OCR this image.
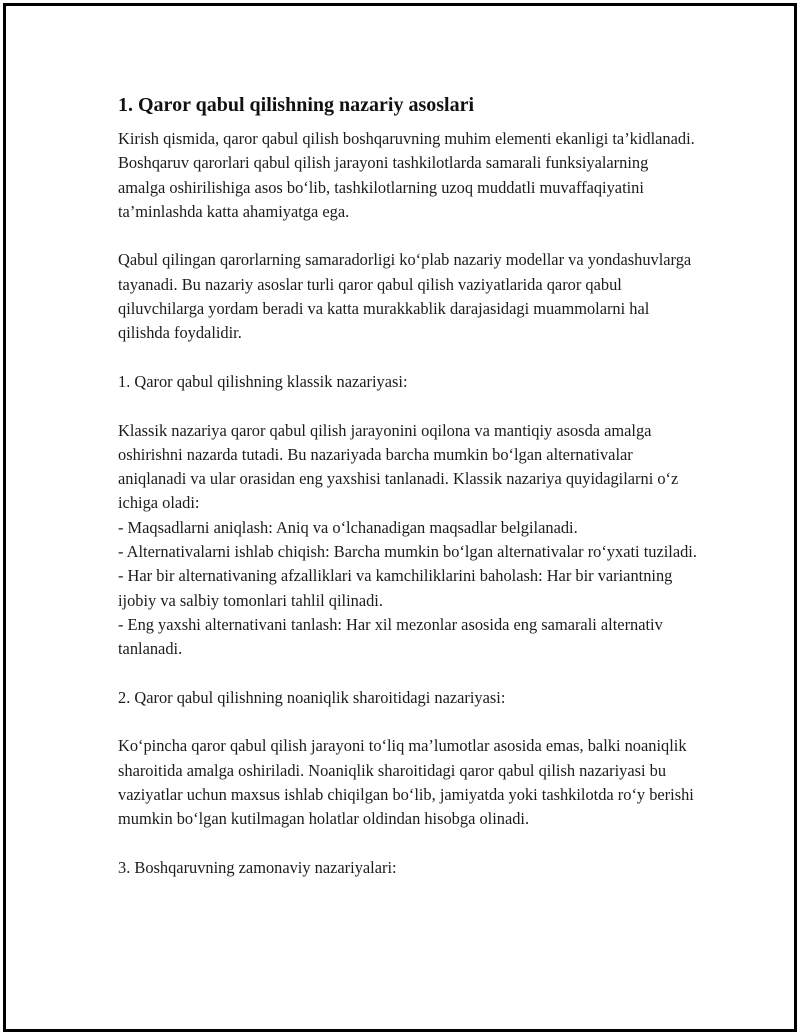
1. Qaror qabul qilishning nazariy asoslari

Kirish qismida, qaror qabul qilish boshqaruvning muhim elementi ekanligi ta’kidlanadi. Boshqaruv qarorlari qabul qilish jarayoni tashkilotlarda samarali funksiyalarning amalga oshirilishiga asos bo‘lib, tashkilotlarning uzoq muddatli muvaffaqiyatini ta’minlashda katta ahamiyatga ega.

Qabul qilingan qarorlarning samaradorligi ko‘plab nazariy modellar va yondashuvlarga tayanadi. Bu nazariy asoslar turli qaror qabul qilish vaziyatlarida qaror qabul qiluvchilarga yordam beradi va katta murakkablik darajasidagi muammolarni hal qilishda foydalidir.

1. Qaror qabul qilishning klassik nazariyasi:

Klassik nazariya qaror qabul qilish jarayonini oqilona va mantiqiy asosda amalga oshirishni nazarda tutadi. Bu nazariyada barcha mumkin bo‘lgan alternativalar aniqlanadi va ular orasidan eng yaxshisi tanlanadi. Klassik nazariya quyidagilarni o‘z ichiga oladi:

- Maqsadlarni aniqlash: Aniq va o‘lchanadigan maqsadlar belgilanadi.

- Alternativalarni ishlab chiqish: Barcha mumkin bo‘lgan alternativalar ro‘yxati tuziladi.

- Har bir alternativaning afzalliklari va kamchiliklarini baholash: Har bir variantning ijobiy va salbiy tomonlari tahlil qilinadi.

- Eng yaxshi alternativani tanlash: Har xil mezonlar asosida eng samarali alternativ tanlanadi.

2. Qaror qabul qilishning noaniqlik sharoitidagi nazariyasi:

Ko‘pincha qaror qabul qilish jarayoni to‘liq ma’lumotlar asosida emas, balki noaniqlik sharoitida amalga oshiriladi. Noaniqlik sharoitidagi qaror qabul qilish nazariyasi bu vaziyatlar uchun maxsus ishlab chiqilgan bo‘lib, jamiyatda yoki tashkilotda ro‘y berishi mumkin bo‘lgan kutilmagan holatlar oldindan hisobga olinadi.

3. Boshqaruvning zamonaviy nazariyalari:
